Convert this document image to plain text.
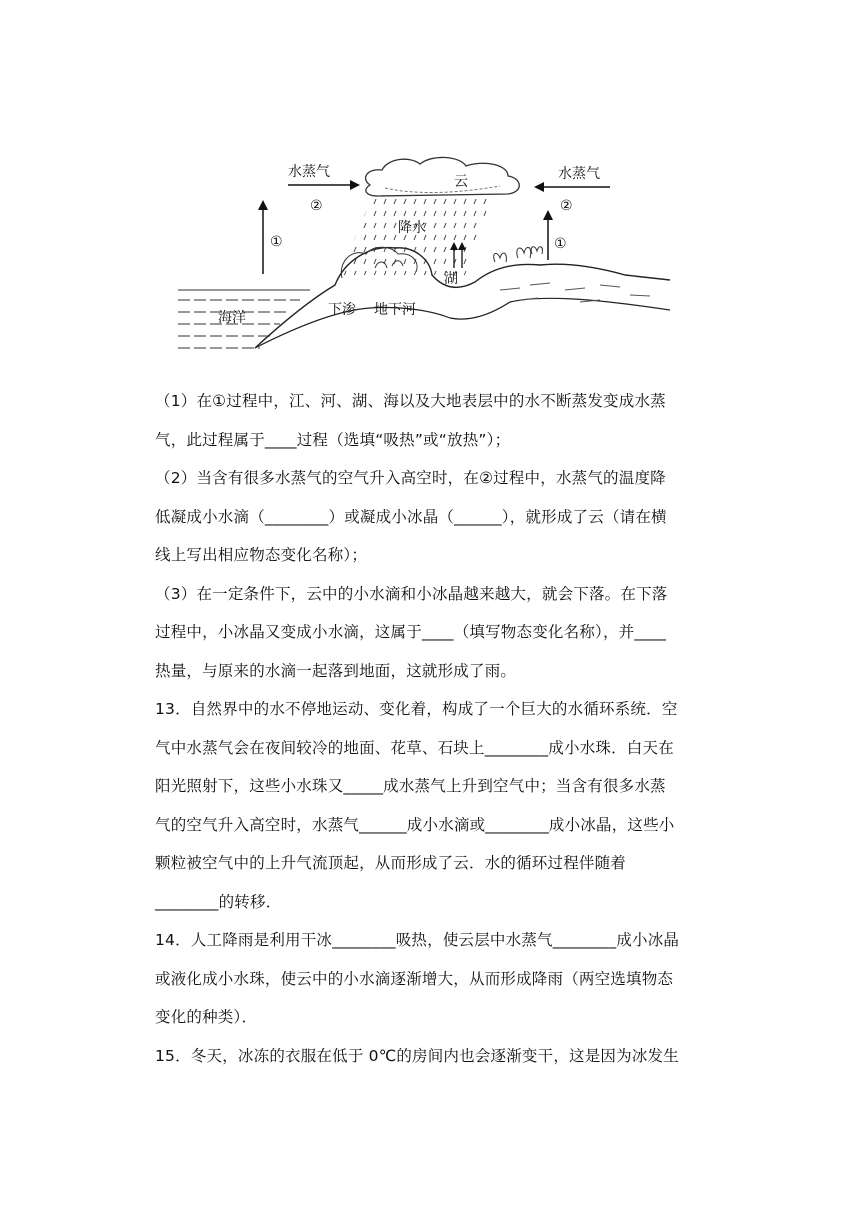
水蒸气	水蒸气
云
降水
湖
海洋	下渗 地下河
②	②
①	①
（1）在①过程中，江、河、湖、海以及大地表层中的水不断蒸发变成水蒸
气，此过程属于____过程（选填“吸热”或“放热”）；
（2）当含有很多水蒸气的空气升入高空时，在②过程中，水蒸气的温度降
低凝成小水滴（________）或凝成小冰晶（______），就形成了云（请在横
线上写出相应物态变化名称）；
（3）在一定条件下，云中的小水滴和小冰晶越来越大，就会下落。在下落
过程中，小冰晶又变成小水滴，这属于____（填写物态变化名称），并____
热量，与原来的水滴一起落到地面，这就形成了雨。
13．自然界中的水不停地运动、变化着，构成了一个巨大的水循环系统．空
气中水蒸气会在夜间较冷的地面、花草、石块上________成小水珠．白天在
阳光照射下，这些小水珠又_____成水蒸气上升到空气中；当含有很多水蒸
气的空气升入高空时，水蒸气______成小水滴或________成小冰晶，这些小
颗粒被空气中的上升气流顶起，从而形成了云．水的循环过程伴随着
________的转移．
14．人工降雨是利用干冰________吸热，使云层中水蒸气________成小冰晶
或液化成小水珠，使云中的小水滴逐渐增大，从而形成降雨（两空选填物态
变化的种类）．
15．冬天，冰冻的衣服在低于 0℃的房间内也会逐渐变干，这是因为冰发生
